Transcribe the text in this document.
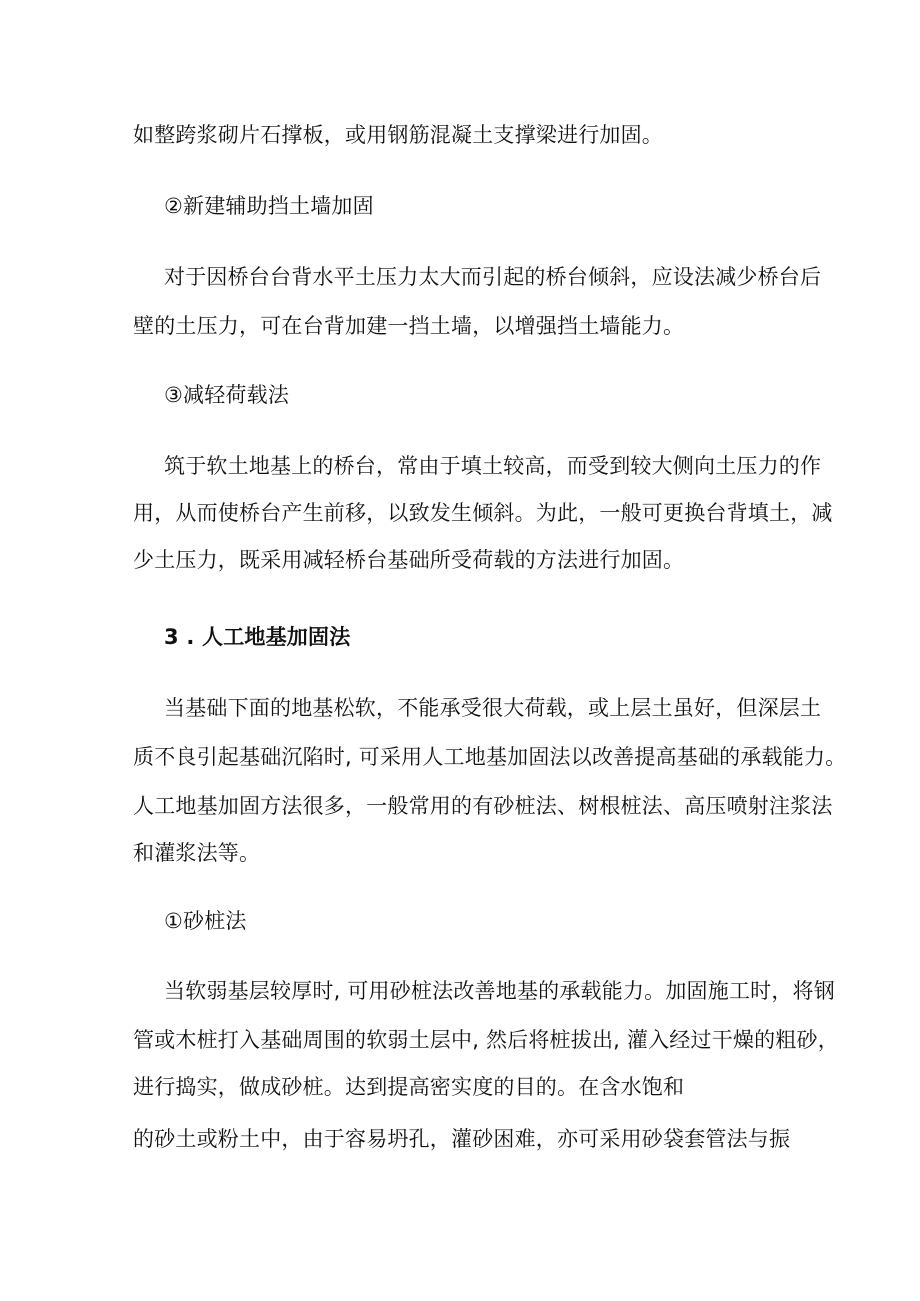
如整跨浆砌片石撑板，或用钢筋混凝土支撑梁进行加固。
②新建辅助挡土墙加固
对于因桥台台背水平土压力太大而引起的桥台倾斜，应设法减少桥台后
壁的土压力，可在台背加建一挡土墙，以增强挡土墙能力。
③减轻荷载法
筑于软土地基上的桥台，常由于填土较高，而受到较大侧向土压力的作
用，从而使桥台产生前移，以致发生倾斜。为此，一般可更换台背填土，减
少土压力，既采用减轻桥台基础所受荷载的方法进行加固。
3 . 人工地基加固法
当基础下面的地基松软，不能承受很大荷载，或上层土虽好，但深层土
质不良引起基础沉陷时, 可采用人工地基加固法以改善提高基础的承载能力。
人工地基加固方法很多，一般常用的有砂桩法、树根桩法、高压喷射注浆法
和灌浆法等。
①砂桩法
当软弱基层较厚时, 可用砂桩法改善地基的承载能力。加固施工时，将钢
管或木桩打入基础周围的软弱土层中, 然后将桩拔出, 灌入经过干燥的粗砂，
进行捣实，做成砂桩。达到提高密实度的目的。在含水饱和
的砂土或粉土中，由于容易坍孔，灌砂困难，亦可采用砂袋套管法与振
